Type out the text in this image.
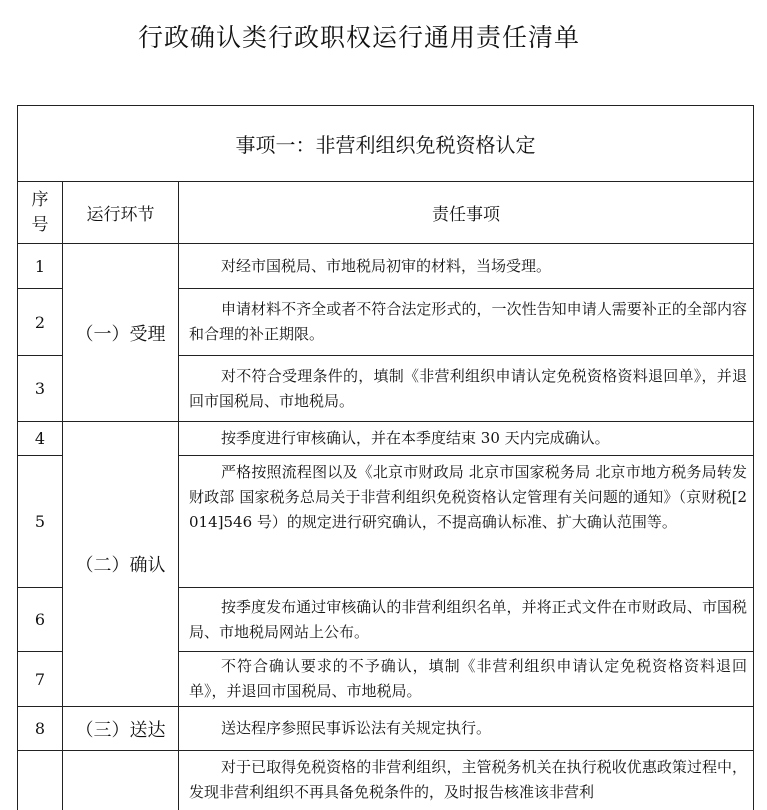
行政确认类行政职权运行通用责任清单
事项一：非营利组织免税资格认定		

序号	运行环节	责任事项
1	（一）受理	对经市国税局、市地税局初审的材料，当场受理。
2		申请材料不齐全或者不符合法定形式的，一次性告知申请人需要补正的全部内容和合理的补正期限。
3		对不符合受理条件的，填制《非营利组织申请认定免税资格资料退回单》，并退回市国税局、市地税局。
4	（二）确认	按季度进行审核确认，并在本季度结束 30 天内完成确认。
5		严格按照流程图以及《北京市财政局 北京市国家税务局 北京市地方税务局转发财政部 国家税务总局关于非营利组织免税资格认定管理有关问题的通知》（京财税[2014]546 号）的规定进行研究确认，不提高确认标准、扩大确认范围等。
6		按季度发布通过审核确认的非营利组织名单，并将正式文件在市财政局、市国税局、市地税局网站上公布。
7		不符合确认要求的不予确认，填制《非营利组织申请认定免税资格资料退回单》，并退回市国税局、市地税局。
8	（三）送达	送达程序参照民事诉讼法有关规定执行。
		对于已取得免税资格的非营利组织，主管税务机关在执行税收优惠政策过程中，发现非营利组织不再具备免税条件的，及时报告核准该非营利
